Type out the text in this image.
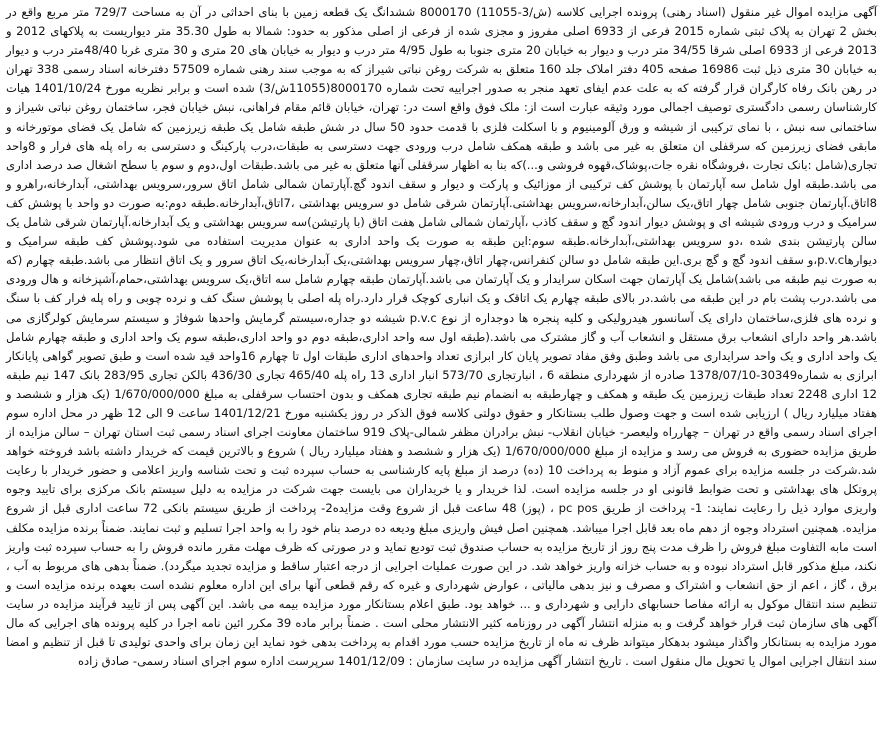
آگهی مزایده اموال غیر منقول (اسناد رهنی) پرونده اجرایی کلاسه (ش/3-11055) 8000170 ششدانگ یک قطعه زمین با بنای احداثی در آن به مساحت 729/7 متر مربع واقع در بخش 2 تهران به پلاک ثبتی شماره 2015 فرعی از 6933 اصلی مفروز و مجزی شده از فرعی از اصلی مذکور به حدود: شمالا به طول 35.30 متر دیواریست به پلاکهای 2012 و 2013 فرعی از 6933 اصلی شرقا 34/55 متر درب و دیوار به خیابان 20 متری جنوبا به طول 4/95 متر درب و دیوار به خیابان های 20 متری و 30 متری غربا 48/40متر درب و دیوار به خیابان 30 متری ذیل ثبت 16986 صفحه 405 دفتر املاک جلد 160 متعلق به شرکت روغن نباتی شیراز که به موجب سند رهنی شماره 57509 دفترخانه اسناد رسمی 338 تهران در رهن بانک رفاه کارگران قرار گرفته که به علت عدم ایفای تعهد منجر به صدور اجراییه تحت شماره 8000170(11055ش/3) شده است و برابر نظریه مورخ 1401/10/24 هیات کارشناسان رسمی دادگستری توصیف اجمالی مورد وثیقه عبارت است از: ملک فوق واقع است در: تهران، خیابان قائم مقام فراهانی، نبش خیابان فجر، ساختمان روغن نباتی شیراز و ساختمانی سه نبش ، با نمای ترکیبی از شیشه و ورق آلومینیوم و با اسکلت فلزی با قدمت حدود 50 سال در شش طبقه شامل یک طبقه زیرزمین که شامل یک فضای موتورخانه و مابقی فضای زیرزمین که سرقفلی ان متعلق به غیر می باشد و طبقه همکف شامل درب ورودی جهت دسترسی به طبقات،درب پارکینگ و دسترسی به راه پله های فرار و 8واحد تجاری(شامل :بانک تجارت ،فروشگاه نقره جات،پوشاک،قهوه فروشی و...)که بنا به اظهار سرقفلی آنها متعلق به غیر می باشد.طبقات اول،دوم و سوم با سطح اشغال صد درصد اداری می باشد.طبقه اول شامل سه آپارتمان با پوشش کف ترکیبی از موزائیک و پارکت و دیوار و سقف اندود گچ.آپارتمان شمالی شامل اتاق سرور،سرویس بهداشتی، آبدارخانه،راهرو و 8اتاق.آپارتمان جنوبی شامل چهار اتاق،یک سالن،آبدارخانه،سرویس بهداشتی.آپارتمان شرقی شامل دو سرویس بهداشتی ،7اتاق،آبدارخانه.طبقه دوم:به صورت دو واحد با پوشش کف سرامیک و درب ورودی شیشه ای و پوشش دیوار اندود گچ و سقف کاذب ،آپارتمان شمالی شامل هفت اتاق (با پارتیشن)سه سرویس بهداشتی و یک آبدارخانه.آپارتمان شرقی شامل یک سالن پارتیشن بندی شده ،دو سرویس بهداشتی،آبدارخانه.طبقه سوم:این طبقه به صورت یک واحد اداری به عنوان مدیریت استفاده می شود.پوشش کف طبقه سرامیک و دیوارهاp.v.c،و سقف اندود گچ و گچ بری.این طبقه شامل دو سالن کنفرانس،چهار اتاق،چهار سرویس بهداشتی،یک آبدارخانه،یک اتاق سرور و یک اتاق انتظار می باشد.طبقه چهارم (که به صورت نیم طبقه می باشد)شامل یک آپارتمان جهت اسکان سرایدار و یک آپارتمان می باشد.آپارتمان طبقه چهارم شامل سه اتاق،یک سرویس بهداشتی،حمام،آشپزخانه و هال ورودی می باشد.درب پشت بام در این طبقه می باشد.در بالای طبقه چهارم یک اتاقک و یک انباری کوچک قرار دارد.راه پله اصلی با پوشش سنگ کف و نرده چوبی و راه پله فرار کف با سنگ و نرده های فلزی،ساختمان دارای یک آسانسور هیدرولیکی و کلیه پنجره ها دوجداره از نوع p.v.c شیشه دو جداره،سیستم گرمایش واحدها شوفاژ و سیستم سرمایش کولرگازی می باشد.هر واحد دارای انشعاب برق مستقل و انشعاب آب و گاز مشترک می باشد.(طبقه اول سه واحد اداری،طبقه دوم دو واحد اداری،طبقه سوم یک واحد اداری و طبقه چهارم شامل یک واحد اداری و یک واحد سرایداری می باشد وطبق وفق مفاد تصویر پایان کار ابرازی تعداد واحدهای اداری طبقات اول تا چهارم 16واحد قید شده است و طبق تصویر گواهی پایانکار ابرازی به شماره30349-1378/07/10 صادره از شهرداری منطقه 6 ، انبارتجاری 573/70 انبار اداری 13 راه پله 465/40 تجاری 436/30 بالکن تجاری 283/95 بانک 147 نیم طبقه 12 اداری 2248 تعداد طبقات زیرزمین یک طبقه و همکف و چهارطبقه به انضمام نیم طبقه تجاری همکف و بدون احتساب سرقفلی به مبلغ 1/670/000/000 (یک هزار و ششصد و هفتاد میلیارد ریال ) ارزیابی شده است و جهت وصول طلب بستانکار و حقوق دولتی کلاسه فوق الذکر در روز یکشنبه مورخ 1401/12/21 ساعت 9 الی 12 ظهر در محل اداره سوم اجرای اسناد رسمی واقع در تهران – چهارراه ولیعصر- خیابان انقلاب- نبش برادران مظفر شمالی-پلاک 919 ساختمان معاونت اجرای اسناد رسمی ثبت استان تهران – سالن مزایده از طریق مزایده حضوری به فروش می رسد و مزایده از مبلغ 1/670/000/000 (یک هزار و ششصد و هفتاد میلیارد ریال ) شروع و بالاترین قیمت که خریدار داشته باشد فروخته خواهد شد.شرکت در جلسه مزایده برای عموم آزاد و منوط به پرداخت 10 (ده) درصد از مبلغ پایه کارشناسی به حساب سپرده ثبت و تحت شناسه واریز اعلامی و حضور خریدار با رعایت پروتکل های بهداشتی و تحت ضوابط قانونی او در جلسه مزایده است. لذا خریدار و یا خریداران می بایست جهت شرکت در مزایده به دلیل سیستم بانک مرکزی برای تایید وجوه واریزی موارد ذیل را رعایت نمایند: 1- پرداخت از طریق pc pos ، (پوز) 48 ساعت قبل از شروع وقت مزایده2- پرداخت از طریق سیستم بانکی 72 ساعت اداری قبل از شروع مزایده. همچنین استرداد وجوه از دهم ماه بعد قابل اجرا میباشد. همچنین اصل فیش واریزی مبلغ ودیعه ده درصد بنام خود را به واحد اجرا تسلیم و ثبت نمایند. ضمناً برنده مزایده مکلف است مابه التفاوت مبلغ فروش را ظرف مدت پنج روز از تاریخ مزایده به حساب صندوق ثبت تودیع نماید و در صورتی که ظرف مهلت مقرر مانده فروش را به حساب سپرده ثبت واریز نکند، مبلغ مذکور قابل استرداد نبوده و به حساب خزانه واریز خواهد شد. در این صورت عملیات اجرایی از درجه اعتبار ساقط و مزایده تجدید میگردد). ضمناً بدهی های مربوط به آب ، برق ، گاز ، اعم از حق انشعاب و اشتراک و مصرف و نیز بدهی مالیاتی ، عوارض شهرداری و غیره که رقم قطعی آنها برای این اداره معلوم نشده است بعهده برنده مزایده است و تنظیم سند انتقال موکول به ارائه مفاصا حسابهای دارایی و شهرداری و ... خواهد بود. طبق اعلام بستانکار مورد مزایده بیمه می باشد. این آگهی پس از تایید فرآیند مزایده در سایت آگهی های سازمان ثبت قرار خواهد گرفت و به منزله انتشار آگهی در روزنامه کثیر الانتشار محلی است . ضمناً برابر ماده 39 مکرر ائین نامه اجرا در کلیه پرونده های اجرایی که مال مورد مزایده به بستانکار واگذار میشود بدهکار میتواند ظرف نه ماه از تاریخ مزایده حسب مورد اقدام به پرداخت بدهی خود نماید این زمان برای واحدی تولیدی تا قبل از تنظیم و امضا سند انتقال اجرایی اموال یا تحویل مال منقول است . تاریخ انتشار آگهی مزایده در سایت سازمان : 1401/12/09 سرپرست اداره سوم اجرای اسناد رسمی- صادق زاده
